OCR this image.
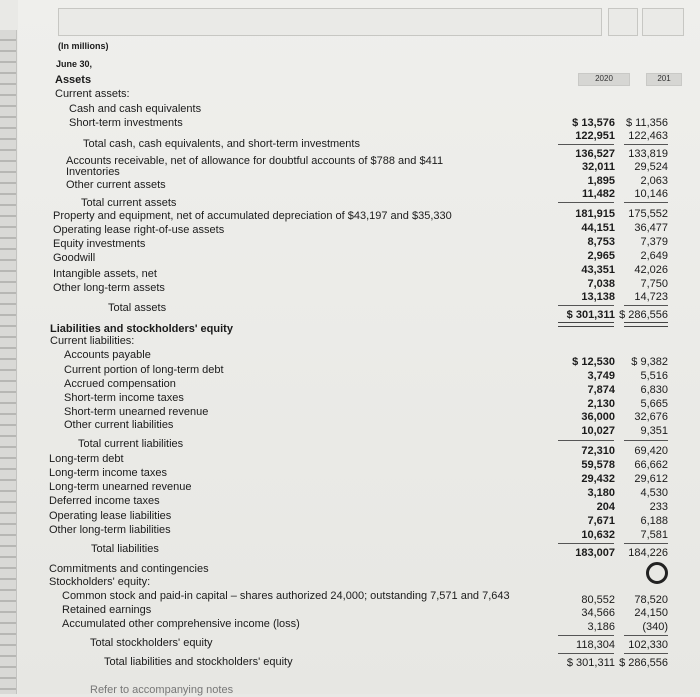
(In millions)
June 30,
2020	201
Assets
Current assets:
Cash and cash equivalents
Short-term investments
Total cash, cash equivalents, and short-term investments
Accounts receivable, net of allowance for doubtful accounts of $788 and $411
Inventories
Other current assets
Total current assets
Property and equipment, net of accumulated depreciation of $43,197 and $35,330
Operating lease right-of-use assets
Equity investments
Goodwill
Intangible assets, net
Other long-term assets
Total assets
Liabilities and stockholders' equity
Current liabilities:
Accounts payable
Current portion of long-term debt
Accrued compensation
Short-term income taxes
Short-term unearned revenue
Other current liabilities
Total current liabilities
Long-term debt
Long-term income taxes
Long-term unearned revenue
Deferred income taxes
Operating lease liabilities
Other long-term liabilities
Total liabilities
Commitments and contingencies
Stockholders' equity:
Common stock and paid-in capital – shares authorized 24,000; outstanding 7,571 and 7,643
Retained earnings
Accumulated other comprehensive income (loss)
Total stockholders' equity
Total liabilities and stockholders' equity
Refer to accompanying notes
$ 13,576 $ 11,356
122,951 122,463
136,527 133,819
32,011 29,524
1,895 2,063
11,482 10,146
181,915 175,552
44,151 36,477
8,753 7,379
2,965 2,649
43,351 42,026
7,038 7,750
13,138 14,723
$ 301,311 $ 286,556
$ 12,530 $ 9,382
3,749 5,516
7,874 6,830
2,130 5,665
36,000 32,676
10,027 9,351
72,310 69,420
59,578 66,662
29,432 29,612
3,180 4,530
204	233
7,671 6,188
10,632 7,581
183,007 184,226
80,552 78,520
34,566 24,150
3,186 (340)
118,304 102,330
$ 301,311 $ 286,556
